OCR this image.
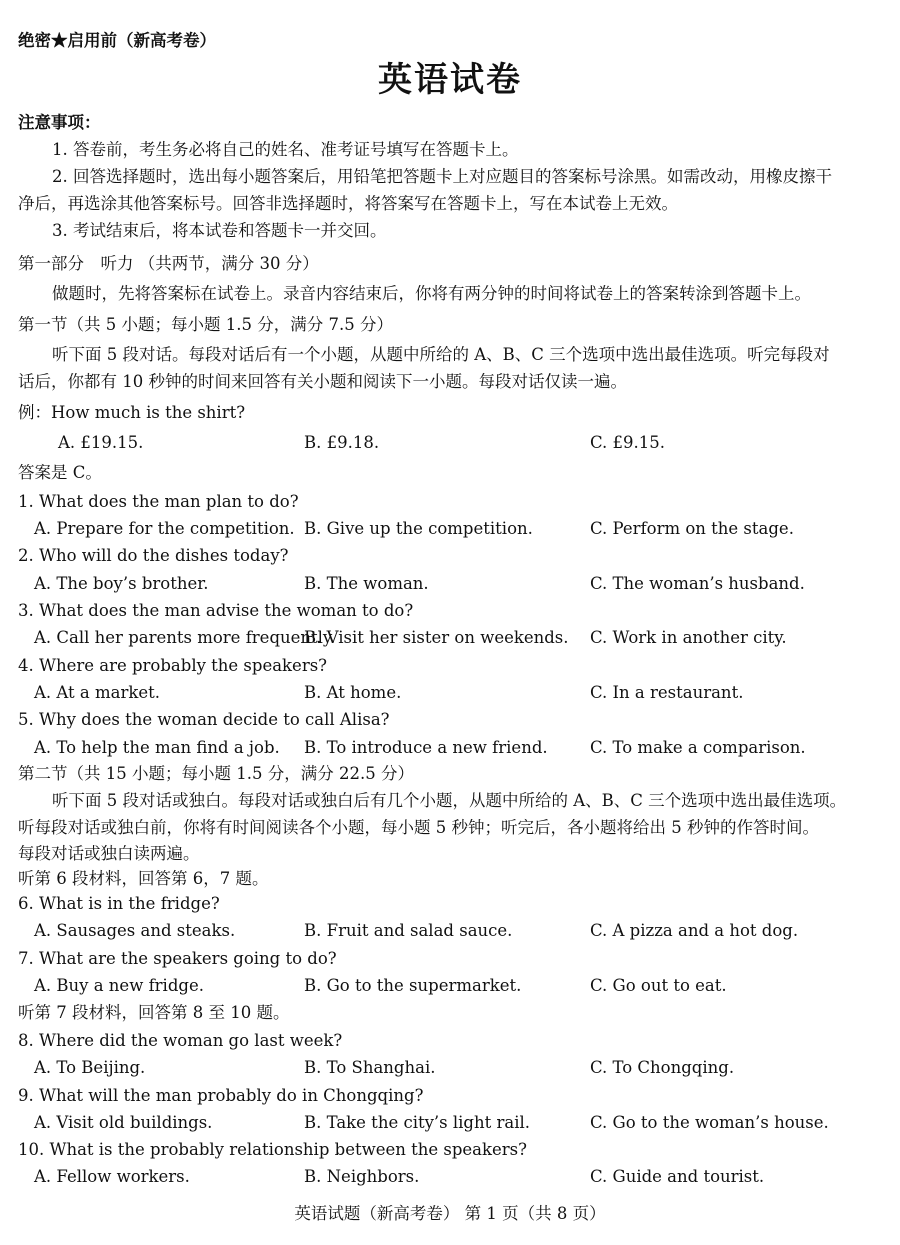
绝密★启用前（新高考卷）
英语试卷
注意事项：
1. 答卷前，考生务必将自己的姓名、准考证号填写在答题卡上。
2. 回答选择题时，选出每小题答案后，用铅笔把答题卡上对应题目的答案标号涂黑。如需改动，用橡皮擦干
净后，再选涂其他答案标号。回答非选择题时，将答案写在答题卡上，写在本试卷上无效。
3. 考试结束后，将本试卷和答题卡一并交回。
第一部分　听力 （共两节，满分 30 分）
做题时，先将答案标在试卷上。录音内容结束后，你将有两分钟的时间将试卷上的答案转涂到答题卡上。
第一节（共 5 小题；每小题 1.5 分，满分 7.5 分）
听下面 5 段对话。每段对话后有一个小题，从题中所给的 A、B、C 三个选项中选出最佳选项。听完每段对
话后，你都有 10 秒钟的时间来回答有关小题和阅读下一小题。每段对话仅读一遍。
例：How much is the shirt?
A. £19.15.	B. £9.18.	C. £9.15.
答案是 C。
1. What does the man plan to do?
A. Prepare for the competition. B. Give up the competition.	C. Perform on the stage.
2. Who will do the dishes today?
A. The boy’s brother.	B. The woman.	C. The woman’s husband.
3. What does the man advise the woman to do?
A. Call her parents more frequently.
B. Visit her sister on weekends. C. Work in another city.
4. Where are probably the speakers?
A. At a market.	B. At home.	C. In a restaurant.
5. Why does the woman decide to call Alisa?
A. To help the man find a job. B. To introduce a new friend.	C. To make a comparison.
第二节（共 15 小题；每小题 1.5 分，满分 22.5 分）
听下面 5 段对话或独白。每段对话或独白后有几个小题，从题中所给的 A、B、C 三个选项中选出最佳选项。
听每段对话或独白前，你将有时间阅读各个小题，每小题 5 秒钟；听完后，各小题将给出 5 秒钟的作答时间。
每段对话或独白读两遍。
听第 6 段材料，回答第 6，7 题。
6. What is in the fridge?
A. Sausages and steaks.	B. Fruit and salad sauce.	C. A pizza and a hot dog.
7. What are the speakers going to do?
A. Buy a new fridge.	B. Go to the supermarket.	C. Go out to eat.
听第 7 段材料，回答第 8 至 10 题。
8. Where did the woman go last week?
A. To Beijing.	B. To Shanghai.	C. To Chongqing.
9. What will the man probably do in Chongqing?
A. Visit old buildings.	B. Take the city’s light rail.	C. Go to the woman’s house.
10. What is the probably relationship between the speakers?
A. Fellow workers.	B. Neighbors.	C. Guide and tourist.
英语试题（新高考卷） 第 1 页（共 8 页）
